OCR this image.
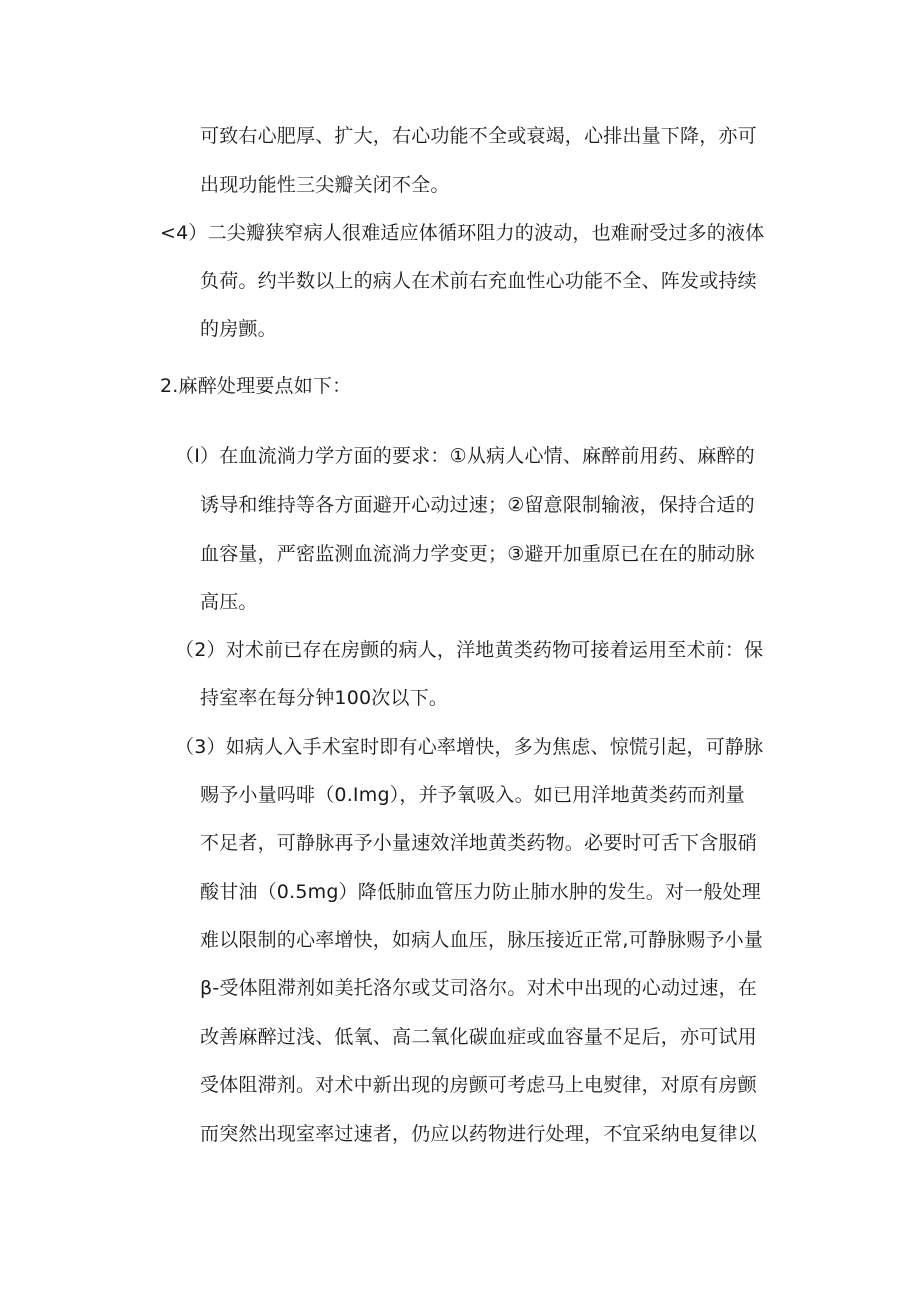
可致右心肥厚、扩大，右心功能不全或衰竭，心排出量下降，亦可
出现功能性三尖瓣关闭不全。
<4）二尖瓣狭窄病人很难适应体循环阻力的波动，也难耐受过多的液体
负荷。约半数以上的病人在术前右充血性心功能不全、阵发或持续
的房颤。
2.麻醉处理要点如下：
（I）在血流淌力学方面的要求：①从病人心情、麻醉前用药、麻醉的
诱导和维持等各方面避开心动过速；②留意限制输液，保持合适的
血容量，严密监测血流淌力学变更；③避开加重原已在在的肺动脉
高压。
（2）对术前已存在房颤的病人，洋地黄类药物可接着运用至术前：保
持室率在每分钟100次以下。
（3）如病人入手术室时即有心率增快，多为焦虑、惊慌引起，可静脉
赐予小量吗啡（0.Img），并予氧吸入。如已用洋地黄类药而剂量
不足者，可静脉再予小量速效洋地黄类药物。必要时可舌下含服硝
酸甘油（0.5mg）降低肺血管压力防止肺水肿的发生。对一般处理
难以限制的心率增快，如病人血压，脉压接近正常,可静脉赐予小量
β-受体阻滞剂如美托洛尔或艾司洛尔。对术中出现的心动过速，在
改善麻醉过浅、低氧、高二氧化碳血症或血容量不足后，亦可试用
受体阻滞剂。对术中新出现的房颤可考虑马上电熨律，对原有房颤
而突然出现室率过速者，仍应以药物进行处理，不宜采纳电复律以
